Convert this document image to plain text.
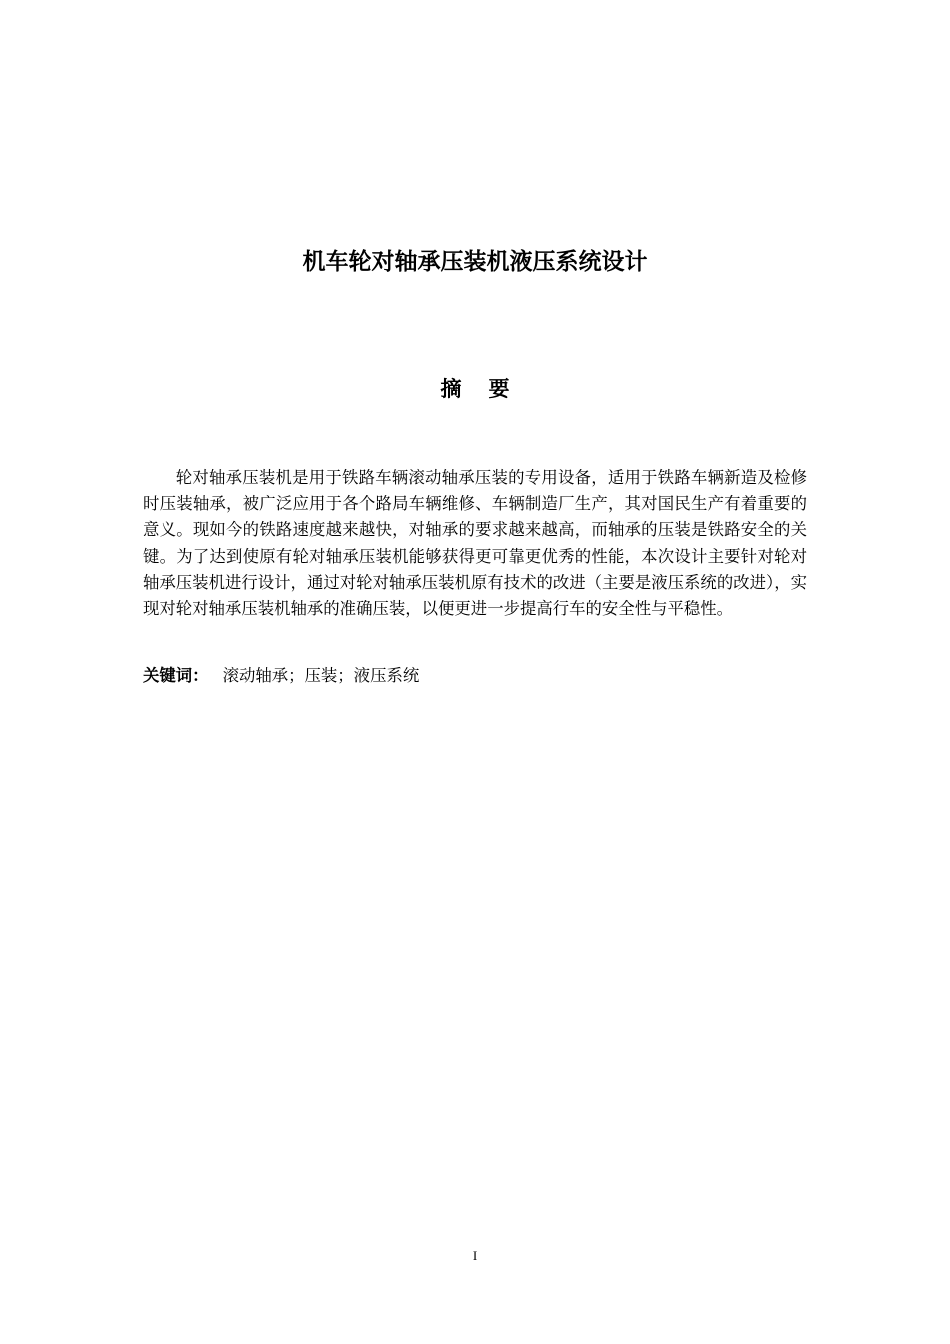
机车轮对轴承压装机液压系统设计
摘 要

轮对轴承压装机是用于铁路车辆滚动轴承压装的专用设备，适用于铁路车辆新造及检修时压装轴承，被广泛应用于各个路局车辆维修、车辆制造厂生产，其对国民生产有着重要的意义。现如今的铁路速度越来越快，对轴承的要求越来越高，而轴承的压装是铁路安全的关键。为了达到使原有轮对轴承压装机能够获得更可靠更优秀的性能，本次设计主要针对轮对轴承压装机进行设计，通过对轮对轴承压装机原有技术的改进（主要是液压系统的改进），实现对轮对轴承压装机轴承的准确压装，以便更进一步提高行车的安全性与平稳性。

关键词： 滚动轴承；压装；液压系统

I
